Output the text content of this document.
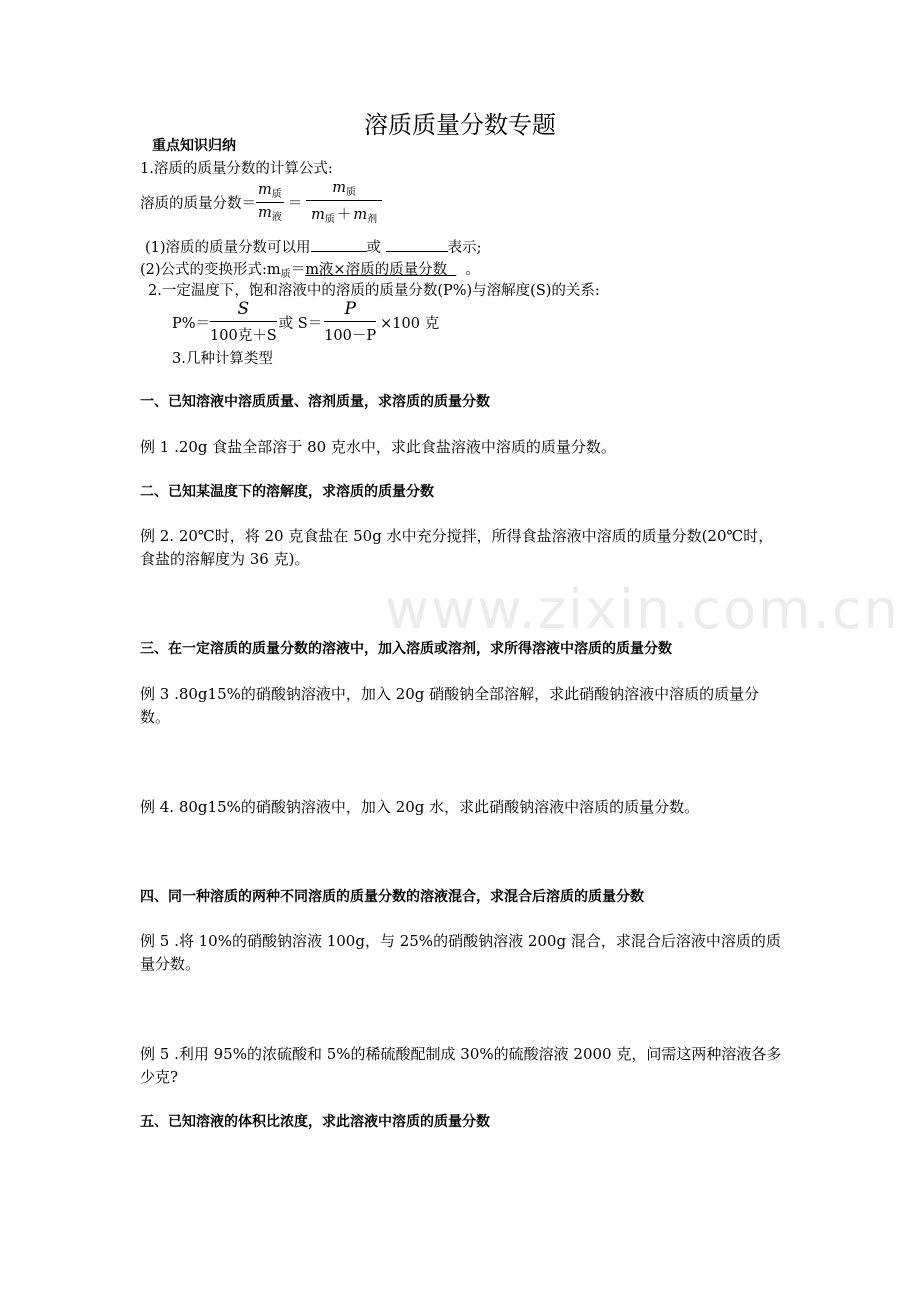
www.zixin.com.cn
溶质质量分数专题
重点知识归纳
1.溶质的质量分数的计算公式:
溶质的质量分数＝ $\frac{m_质}{m_液} = \frac{m_质}{m_质 + m_剂}$
(1)溶质的质量分数可以用	或	表示;
(2)公式的变换形式$:m_质=m$液×溶质的质量分数 。
2.一定温度下，饱和溶液中的溶质的质量分数(P%)与溶解度(S)的关系:
$P\%= \frac{S}{\text{100克＋S}}$ 或 $S= \frac{P}{100-P} \times 100$ 克
3.几种计算类型
一、已知溶液中溶质质量、溶剂质量，求溶质的质量分数
例 1 .20g 食盐全部溶于 80 克水中，求此食盐溶液中溶质的质量分数。
二、已知某温度下的溶解度，求溶质的质量分数
例 2. 20℃时，将 20 克食盐在 50g 水中充分搅拌，所得食盐溶液中溶质的质量分数(20℃时，食盐的溶解度为 36 克)。
三、在一定溶质的质量分数的溶液中，加入溶质或溶剂，求所得溶液中溶质的质量分数
例 3 .80g15%的硝酸钠溶液中，加入 20g 硝酸钠全部溶解，求此硝酸钠溶液中溶质的质量分数。
例 4. 80g15%的硝酸钠溶液中，加入 20g 水，求此硝酸钠溶液中溶质的质量分数。
四、同一种溶质的两种不同溶质的质量分数的溶液混合，求混合后溶质的质量分数
例 5 .将 10%的硝酸钠溶液 100g，与 25%的硝酸钠溶液 200g 混合，求混合后溶液中溶质的质量分数。
例 5 .利用 95%的浓硫酸和 5%的稀硫酸配制成 30%的硫酸溶液 2000 克，问需这两种溶液各多少克?
五、已知溶液的体积比浓度，求此溶液中溶质的质量分数
